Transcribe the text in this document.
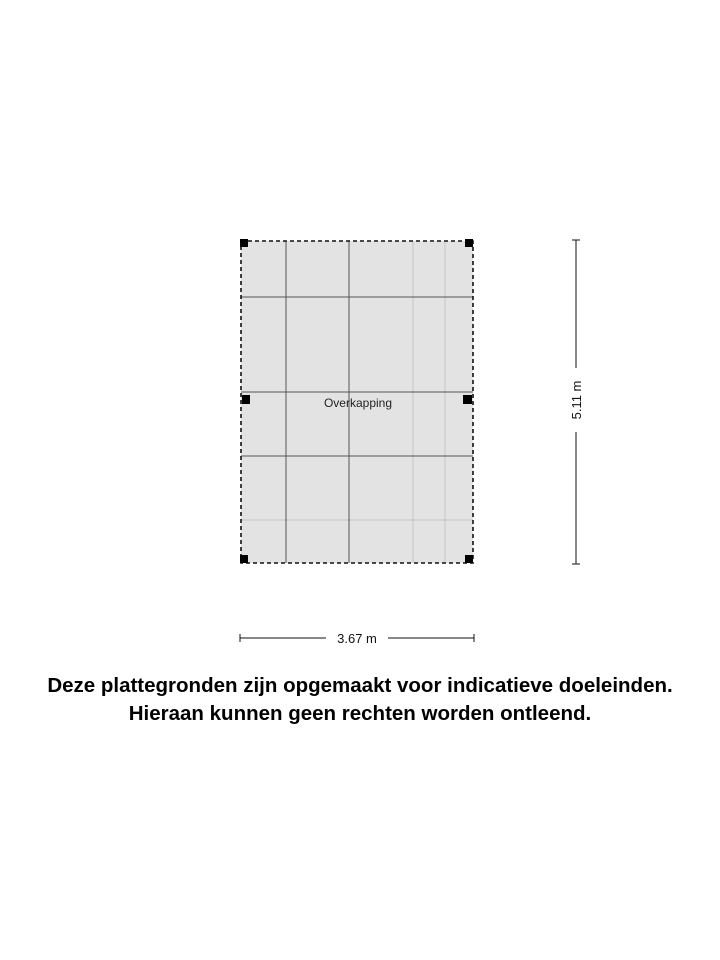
Overkapping
3.67 m
5.11 m
Deze plattegronden zijn opgemaakt voor indicatieve doeleinden.
Hieraan kunnen geen rechten worden ontleend.
